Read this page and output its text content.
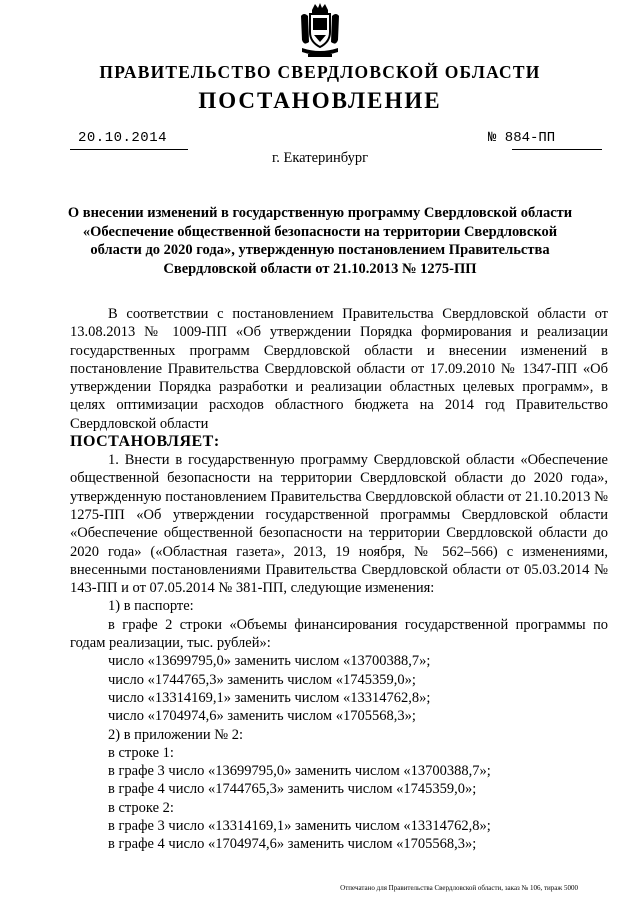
ПРАВИТЕЛЬСТВО СВЕРДЛОВСКОЙ ОБЛАСТИ
ПОСТАНОВЛЕНИЕ
20.10.2014	№ 884-ПП
г. Екатеринбург
О внесении изменений в государственную программу Свердловской области
«Обеспечение общественной безопасности на территории Свердловской
области до 2020 года», утвержденную постановлением Правительства
Свердловской области от 21.10.2013 № 1275-ПП

В соответствии с постановлением Правительства Свердловской области от 13.08.2013 № 1009-ПП «Об утверждении Порядка формирования и реализации государственных программ Свердловской области и внесении изменений в постановление Правительства Свердловской области от 17.09.2010 № 1347-ПП «Об утверждении Порядка разработки и реализации областных целевых программ», в целях оптимизации расходов областного бюджета на 2014 год Правительство Свердловской области

ПОСТАНОВЛЯЕТ:

1. Внести в государственную программу Свердловской области «Обеспечение общественной безопасности на территории Свердловской области до 2020 года», утвержденную постановлением Правительства Свердловской области от 21.10.2013 № 1275-ПП «Об утверждении государственной программы Свердловской области «Обеспечение общественной безопасности на территории Свердловской области до 2020 года» («Областная газета», 2013, 19 ноября, № 562–566) с изменениями, внесенными постановлениями Правительства Свердловской области от 05.03.2014 № 143-ПП и от 07.05.2014 № 381-ПП, следующие изменения:

1) в паспорте:

в графе 2 строки «Объемы финансирования государственной программы по годам реализации, тыс. рублей»:

число «13699795,0» заменить числом «13700388,7»;

число «1744765,3» заменить числом «1745359,0»;

число «13314169,1» заменить числом «13314762,8»;

число «1704974,6» заменить числом «1705568,3»;

2) в приложении № 2:

в строке 1:

в графе 3 число «13699795,0» заменить числом «13700388,7»;

в графе 4 число «1744765,3» заменить числом «1745359,0»;

в строке 2:

в графе 3 число «13314169,1» заменить числом «13314762,8»;

в графе 4 число «1704974,6» заменить числом «1705568,3»;

Отпечатано для Правительства Свердловской области, заказ № 106, тираж 5000
